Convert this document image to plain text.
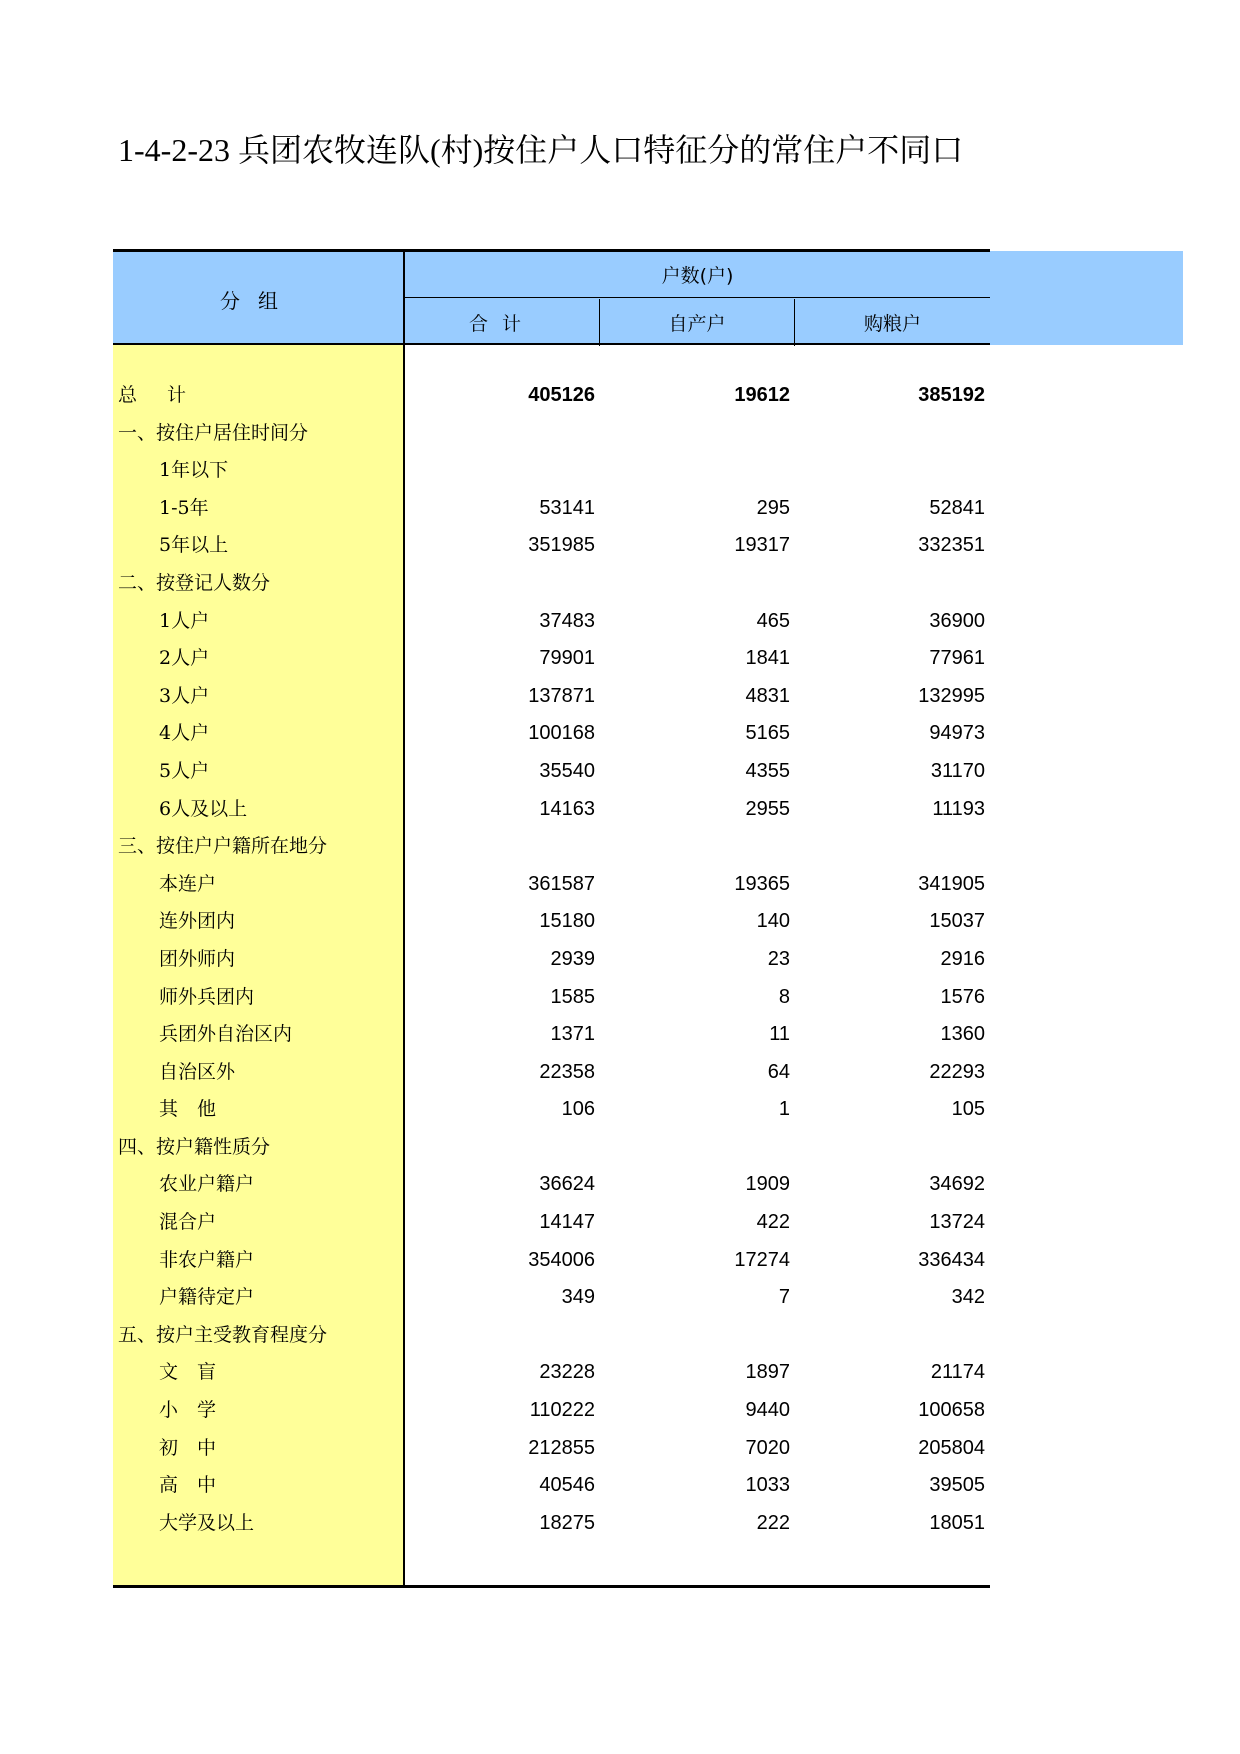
1-4-2-23 兵团农牧连队(村)按住户人口特征分的常住户不同口
分组
户数(户)
合计	自产户	购粮户
总计	405126	19612	385192
一、按住户居住时间分
1年以下
1-5年	53141	295	52841
5年以上	351985	19317	332351
二、按登记人数分
1人户	37483	465	36900
2人户	79901	1841	77961
3人户	137871	4831	132995
4人户	100168	5165	94973
5人户	35540	4355	31170
6人及以上	14163	2955	11193
三、按住户户籍所在地分
本连户	361587	19365	341905
连外团内	15180	140	15037
团外师内	2939	23	2916
师外兵团内	1585	8	1576
兵团外自治区内	1371	11	1360
自治区外	22358	64	22293
其　他	106	1	105
四、按户籍性质分
农业户籍户	36624	1909	34692
混合户	14147	422	13724
非农户籍户	354006	17274	336434
户籍待定户	349	7	342
五、按户主受教育程度分
文　盲	23228	1897	21174
小　学	110222	9440	100658
初　中	212855	7020	205804
高　中	40546	1033	39505
大学及以上	18275	222	18051
